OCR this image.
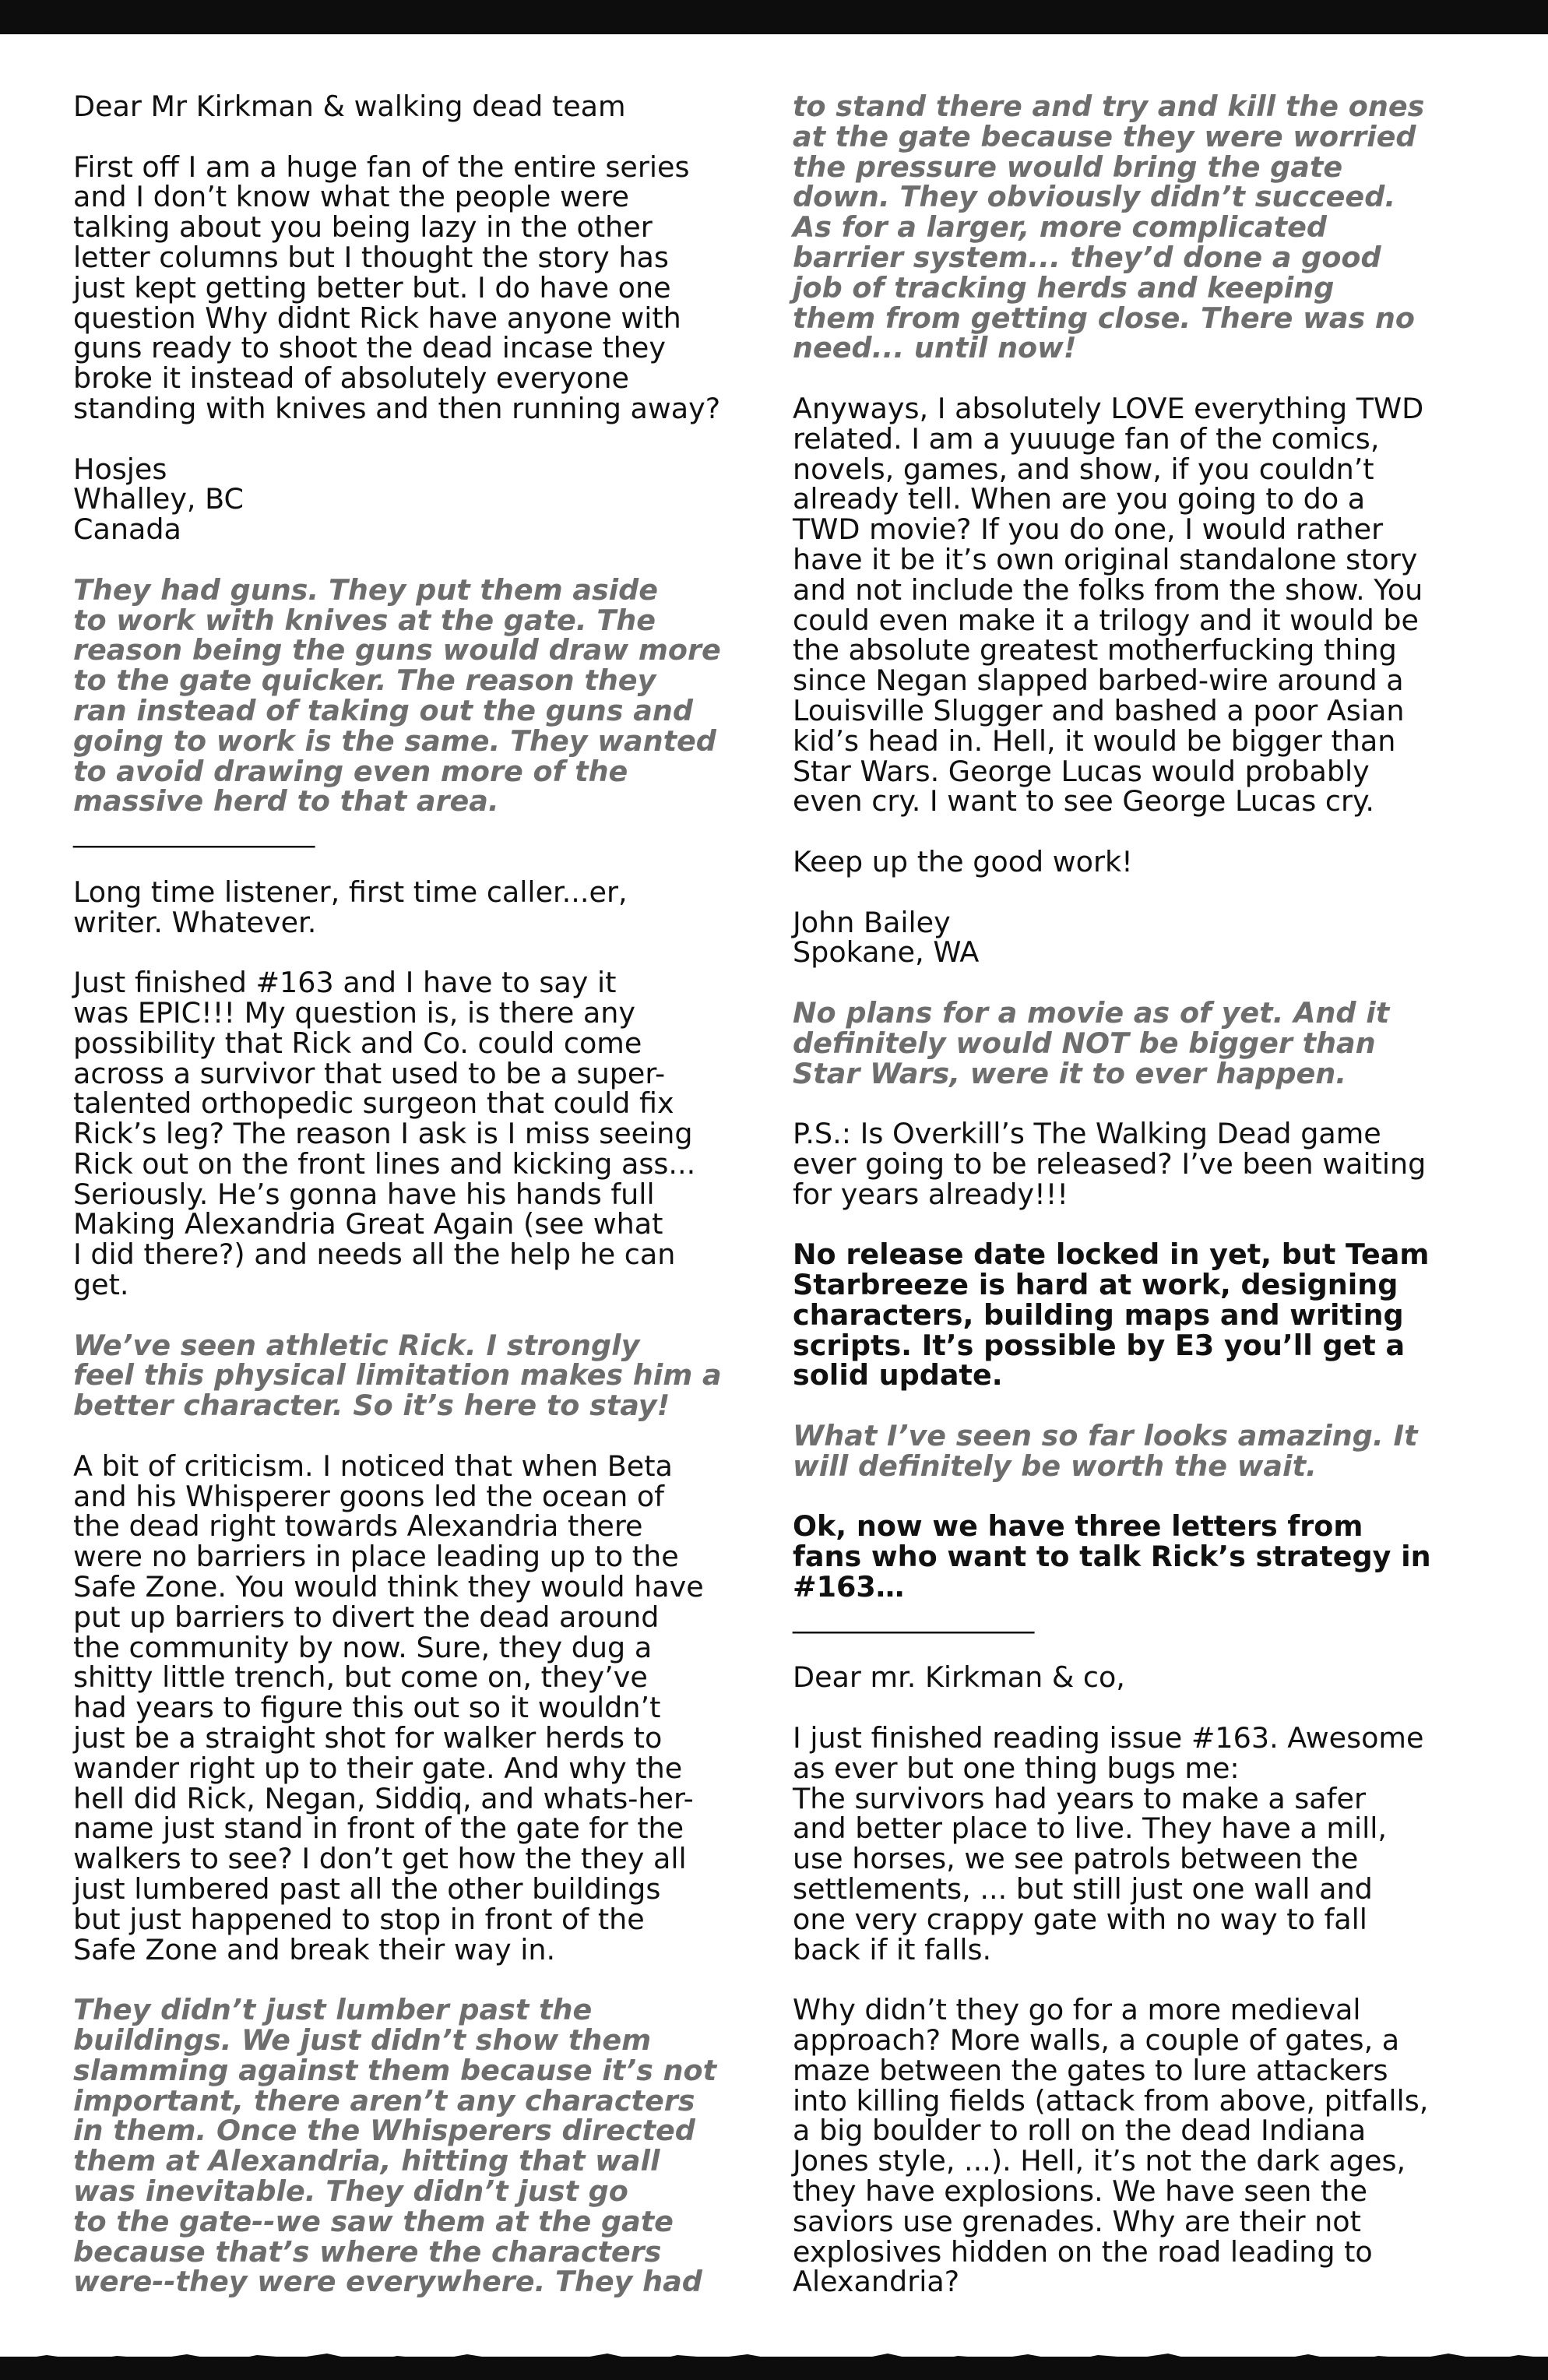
Dear Mr Kirkman & walking dead team

First off I am a huge fan of the entire series
and I don’t know what the people were
talking about you being lazy in the other
letter columns but I thought the story has
just kept getting better but. I do have one
question Why didnt Rick have anyone with
guns ready to shoot the dead incase they
broke it instead of absolutely everyone
standing with knives and then running away?

Hosjes
Whalley, BC
Canada

They had guns. They put them aside
to work with knives at the gate. The
reason being the guns would draw more
to the gate quicker. The reason they
ran instead of taking out the guns and
going to work is the same. They wanted
to avoid drawing even more of the
massive herd to that area.

_________________

Long time listener, first time caller...er,
writer. Whatever.

Just finished #163 and I have to say it
was EPIC!!! My question is, is there any
possibility that Rick and Co. could come
across a survivor that used to be a super-
talented orthopedic surgeon that could fix
Rick’s leg? The reason I ask is I miss seeing
Rick out on the front lines and kicking ass...
Seriously. He’s gonna have his hands full
Making Alexandria Great Again (see what
I did there?) and needs all the help he can
get.

We’ve seen athletic Rick. I strongly
feel this physical limitation makes him a
better character. So it’s here to stay!

A bit of criticism. I noticed that when Beta
and his Whisperer goons led the ocean of
the dead right towards Alexandria there
were no barriers in place leading up to the
Safe Zone. You would think they would have
put up barriers to divert the dead around
the community by now. Sure, they dug a
shitty little trench, but come on, they’ve
had years to figure this out so it wouldn’t
just be a straight shot for walker herds to
wander right up to their gate. And why the
hell did Rick, Negan, Siddiq, and whats-her-
name just stand in front of the gate for the
walkers to see? I don’t get how the they all
just lumbered past all the other buildings
but just happened to stop in front of the
Safe Zone and break their way in.

They didn’t just lumber past the
buildings. We just didn’t show them
slamming against them because it’s not
important, there aren’t any characters
in them. Once the Whisperers directed
them at Alexandria, hitting that wall
was inevitable. They didn’t just go
to the gate--we saw them at the gate
because that’s where the characters
were--they were everywhere. They had

to stand there and try and kill the ones
at the gate because they were worried
the pressure would bring the gate
down. They obviously didn’t succeed.
As for a larger, more complicated
barrier system... they’d done a good
job of tracking herds and keeping
them from getting close. There was no
need... until now!

Anyways, I absolutely LOVE everything TWD
related. I am a yuuuge fan of the comics,
novels, games, and show, if you couldn’t
already tell. When are you going to do a
TWD movie? If you do one, I would rather
have it be it’s own original standalone story
and not include the folks from the show. You
could even make it a trilogy and it would be
the absolute greatest motherfucking thing
since Negan slapped barbed-wire around a
Louisville Slugger and bashed a poor Asian
kid’s head in. Hell, it would be bigger than
Star Wars. George Lucas would probably
even cry. I want to see George Lucas cry.

Keep up the good work!

John Bailey
Spokane, WA

No plans for a movie as of yet. And it
definitely would NOT be bigger than
Star Wars, were it to ever happen.

P.S.: Is Overkill’s The Walking Dead game
ever going to be released? I’ve been waiting
for years already!!!

No release date locked in yet, but Team
Starbreeze is hard at work, designing
characters, building maps and writing
scripts. It’s possible by E3 you’ll get a
solid update.

What I’ve seen so far looks amazing. It
will definitely be worth the wait.

Ok, now we have three letters from
fans who want to talk Rick’s strategy in
#163…

_________________

Dear mr. Kirkman & co,

I just finished reading issue #163. Awesome
as ever but one thing bugs me:
The survivors had years to make a safer
and better place to live. They have a mill,
use horses, we see patrols between the
settlements, ... but still just one wall and
one very crappy gate with no way to fall
back if it falls.

Why didn’t they go for a more medieval
approach? More walls, a couple of gates, a
maze between the gates to lure attackers
into killing fields (attack from above, pitfalls,
a big boulder to roll on the dead Indiana
Jones style, ...). Hell, it’s not the dark ages,
they have explosions. We have seen the
saviors use grenades. Why are their not
explosives hidden on the road leading to
Alexandria?
